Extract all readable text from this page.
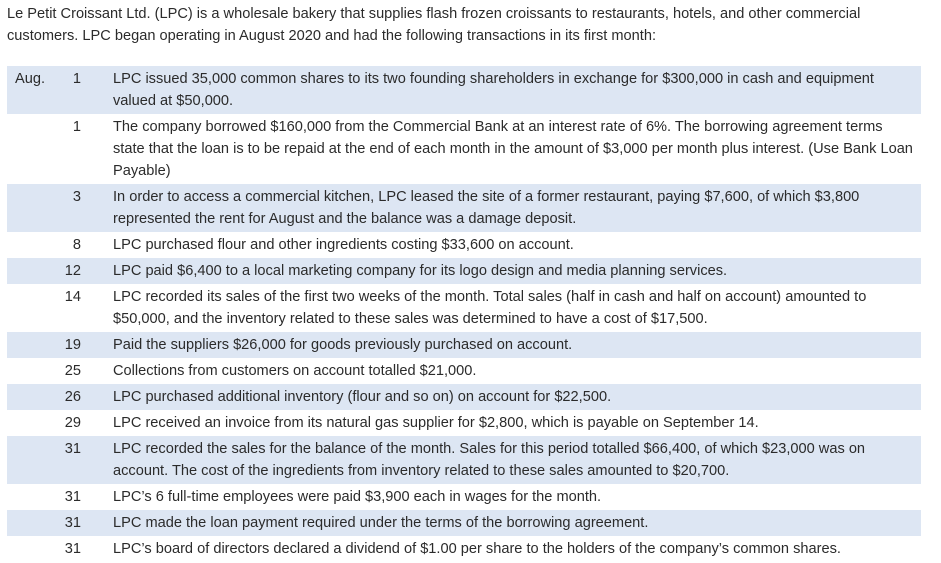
Le Petit Croissant Ltd. (LPC) is a wholesale bakery that supplies flash frozen croissants to restaurants, hotels, and other commercial customers. LPC began operating in August 2020 and had the following transactions in its first month:

Aug.	1	LPC issued 35,000 common shares to its two founding shareholders in exchange for $300,000 in cash and equipment valued at $50,000.
1	The company borrowed $160,000 from the Commercial Bank at an interest rate of 6%. The borrowing agreement terms state that the loan is to be repaid at the end of each month in the amount of $3,000 per month plus interest. (Use Bank Loan Payable)
3	In order to access a commercial kitchen, LPC leased the site of a former restaurant, paying $7,600, of which $3,800 represented the rent for August and the balance was a damage deposit.
8	LPC purchased flour and other ingredients costing $33,600 on account.
12	LPC paid $6,400 to a local marketing company for its logo design and media planning services.
14	LPC recorded its sales of the first two weeks of the month. Total sales (half in cash and half on account) amounted to $50,000, and the inventory related to these sales was determined to have a cost of $17,500.
19	Paid the suppliers $26,000 for goods previously purchased on account.
25	Collections from customers on account totalled $21,000.
26	LPC purchased additional inventory (flour and so on) on account for $22,500.
29	LPC received an invoice from its natural gas supplier for $2,800, which is payable on September 14.
31	LPC recorded the sales for the balance of the month. Sales for this period totalled $66,400, of which $23,000 was on account. The cost of the ingredients from inventory related to these sales amounted to $20,700.
31	LPC’s 6 full-time employees were paid $3,900 each in wages for the month.
31	LPC made the loan payment required under the terms of the borrowing agreement.
31	LPC’s board of directors declared a dividend of $1.00 per share to the holders of the company’s common shares.
